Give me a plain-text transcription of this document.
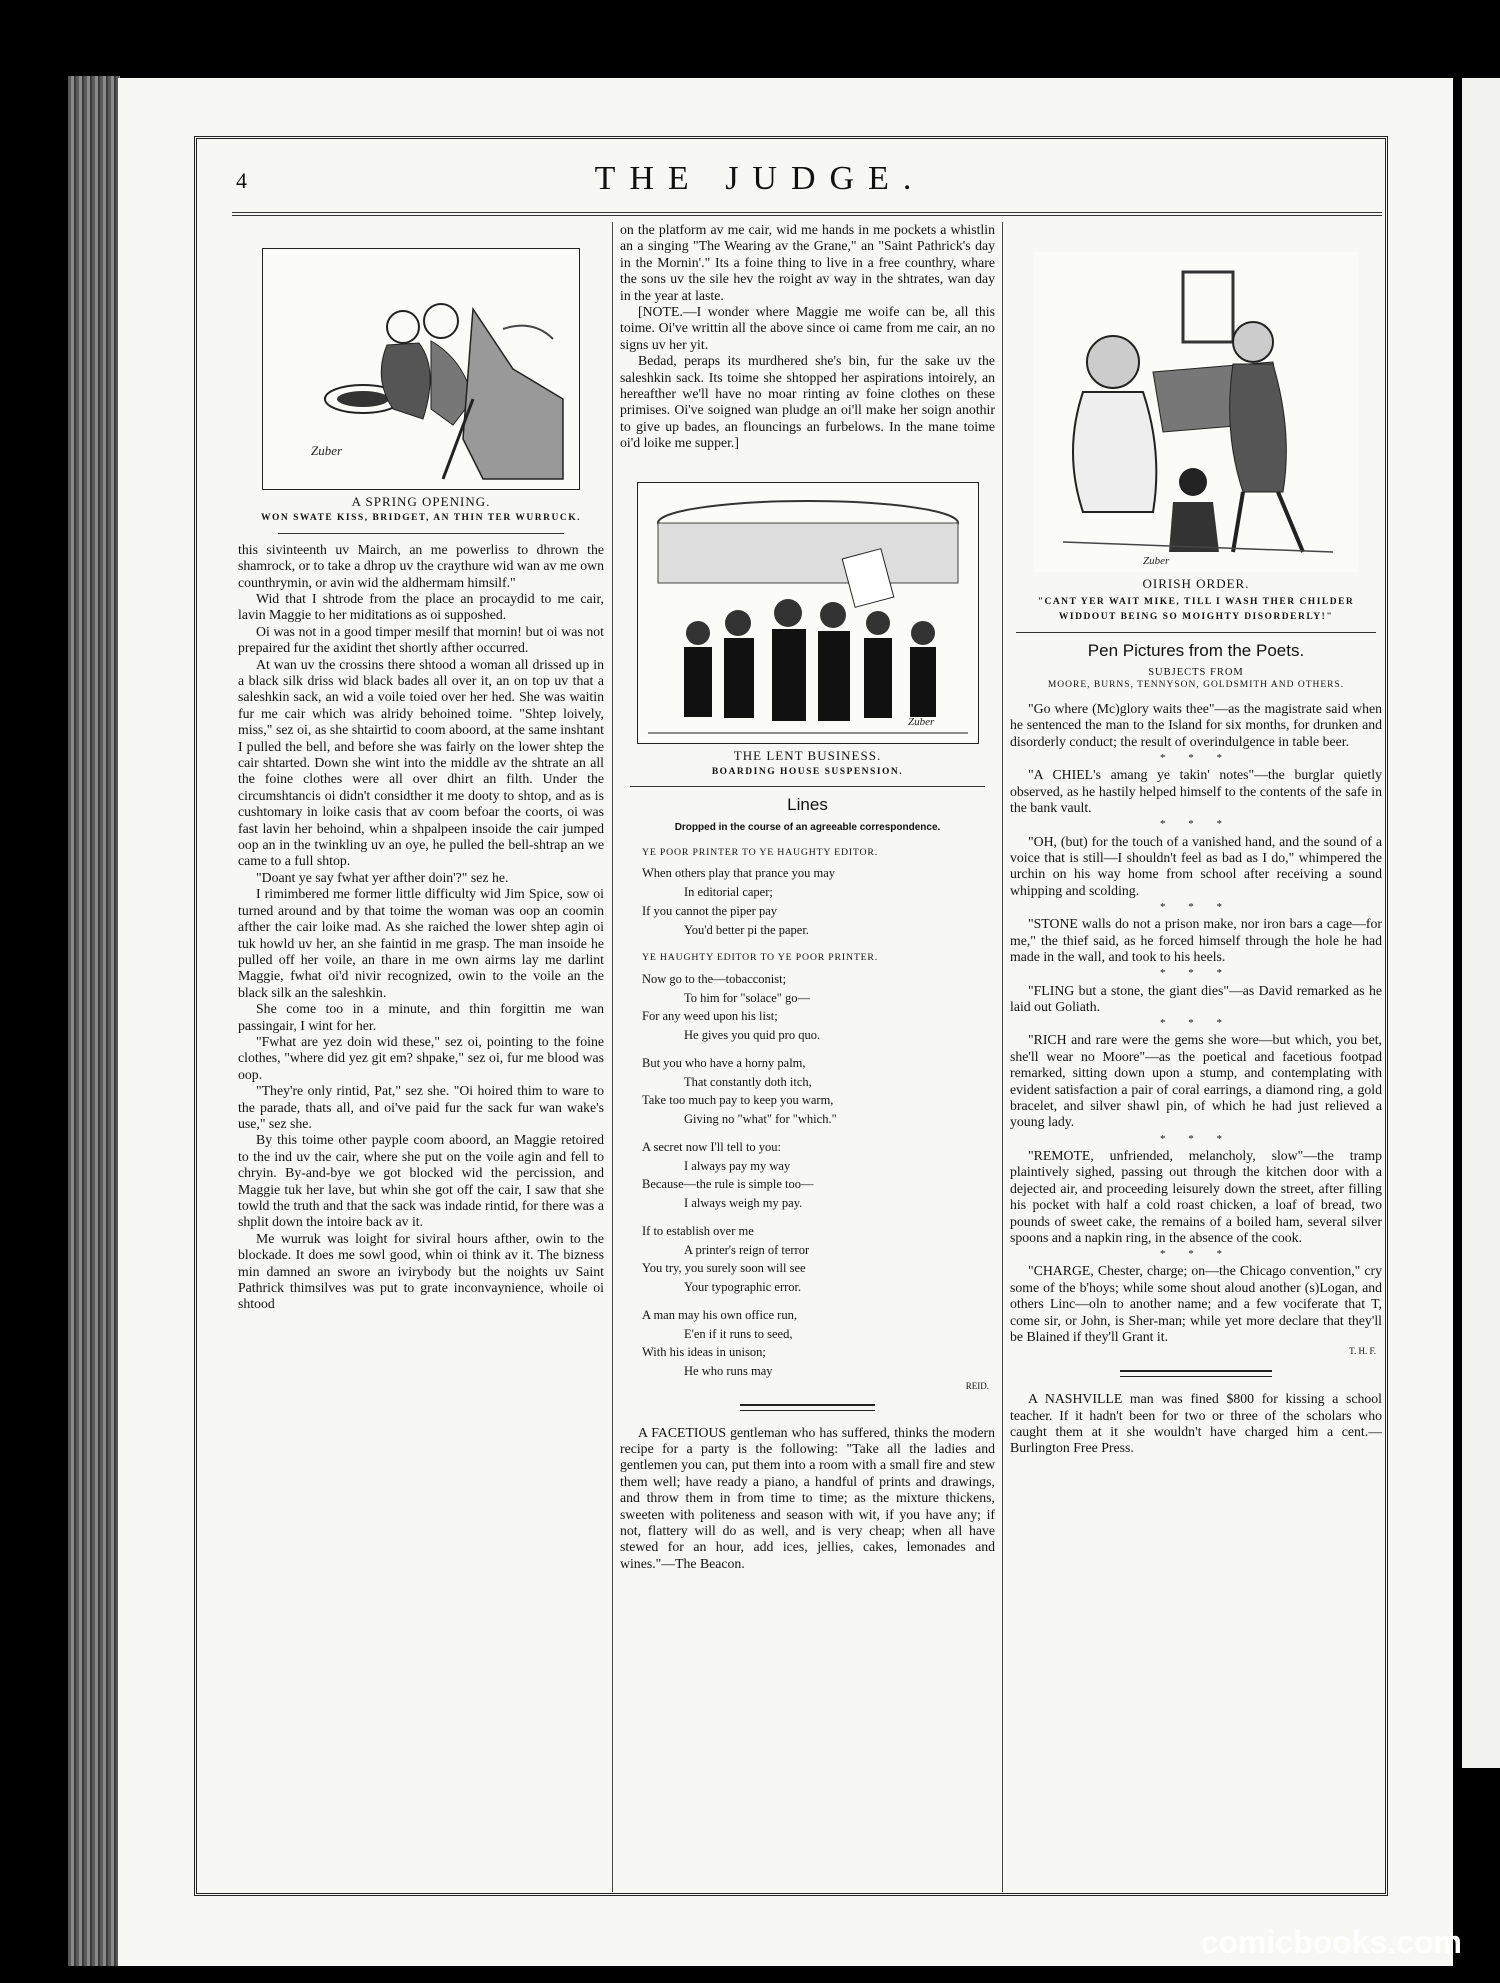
4	THE JUDGE.
Zuber
A SPRING OPENING.
WON SWATE KISS, BRIDGET, AN THIN TER WURRUCK.

this sivinteenth uv Mairch, an me powerliss to dhrown the shamrock, or to take a dhrop uv the craythure wid wan av me own counthrymin, or avin wid the aldhermam himsilf."

Wid that I shtrode from the place an procaydid to me cair, lavin Maggie to her miditations as oi supposhed.

Oi was not in a good timper mesilf that mornin! but oi was not prepaired fur the axidint thet shortly afther occurred.

At wan uv the crossins there shtood a woman all drissed up in a black silk driss wid black bades all over it, an on top uv that a saleshkin sack, an wid a voile toied over her hed. She was waitin fur me cair which was alridy behoined toime. "Shtep loively, miss," sez oi, as she shtairtid to coom aboord, at the same inshtant I pulled the bell, and before she was fairly on the lower shtep the cair shtarted. Down she wint into the middle av the shtrate an all the foine clothes were all over dhirt an filth. Under the circumshtancis oi didn't considther it me dooty to shtop, and as is cushtomary in loike casis that av coom befoar the coorts, oi was fast lavin her behoind, whin a shpalpeen insoide the cair jumped oop an in the twinkling uv an oye, he pulled the bell-shtrap an we came to a full shtop.

"Doant ye say fwhat yer afther doin'?" sez he.

I rimimbered me former little difficulty wid Jim Spice, sow oi turned around and by that toime the woman was oop an coomin afther the cair loike mad. As she raiched the lower shtep agin oi tuk howld uv her, an she faintid in me grasp. The man insoide he pulled off her voile, an thare in me own airms lay me darlint Maggie, fwhat oi'd nivir recognized, owin to the voile an the black silk an the saleshkin.

She come too in a minute, and thin forgittin me wan passingair, I wint for her.

"Fwhat are yez doin wid these," sez oi, pointing to the foine clothes, "where did yez git em? shpake," sez oi, fur me blood was oop.

"They're only rintid, Pat," sez she. "Oi hoired thim to ware to the parade, thats all, and oi've paid fur the sack fur wan wake's use," sez she.

By this toime other payple coom aboord, an Maggie retoired to the ind uv the cair, where she put on the voile agin and fell to chryin. By-and-bye we got blocked wid the percission, and Maggie tuk her lave, but whin she got off the cair, I saw that she towld the truth and that the sack was indade rintid, for there was a shplit down the intoire back av it.

Me wurruk was loight for siviral hours afther, owin to the blockade. It does me sowl good, whin oi think av it. The bizness min damned an swore an ivirybody but the noights uv Saint Pathrick thimsilves was put to grate inconvaynience, whoile oi shtood

on the platform av me cair, wid me hands in me pockets a whistlin an a singing "The Wearing av the Grane," an "Saint Pathrick's day in the Mornin'." Its a foine thing to live in a free counthry, whare the sons uv the sile hev the roight av way in the shtrates, wan day in the year at laste.

[NOTE.—I wonder where Maggie me woife can be, all this toime. Oi've writtin all the above since oi came from me cair, an no signs uv her yit.

Bedad, peraps its murdhered she's bin, fur the sake uv the saleshkin sack. Its toime she shtopped her aspirations intoirely, an hereafther we'll have no moar rinting av foine clothes on these primises. Oi've soigned wan pludge an oi'll make her soign anothir to give up bades, an flouncings an furbelows. In the mane toime oi'd loike me supper.]

Zuber
THE LENT BUSINESS.
BOARDING HOUSE SUSPENSION.
Lines
Dropped in the course of an agreeable correspondence.
YE POOR PRINTER TO YE HAUGHTY EDITOR.
When others play that prance you may
In editorial caper;
If you cannot the piper pay
You'd better pi the paper.
YE HAUGHTY EDITOR TO YE POOR PRINTER.
Now go to the—tobacconist;
To him for "solace" go—
For any weed upon his list;
He gives you quid pro quo.
But you who have a horny palm,
That constantly doth itch,
Take too much pay to keep you warm,
Giving no "what" for "which."
A secret now I'll tell to you:
I always pay my way
Because—the rule is simple too—
I always weigh my pay.
If to establish over me
A printer's reign of terror
You try, you surely soon will see
Your typographic error.
A man may his own office run,
E'en if it runs to seed,
With his ideas in unison;
He who runs may
REID.

A FACETIOUS gentleman who has suffered, thinks the modern recipe for a party is the following: "Take all the ladies and gentlemen you can, put them into a room with a small fire and stew them well; have ready a piano, a handful of prints and drawings, and throw them in from time to time; as the mixture thickens, sweeten with politeness and season with wit, if you have any; if not, flattery will do as well, and is very cheap; when all have stewed for an hour, add ices, jellies, cakes, lemonades and wines."—The Beacon.

Zuber
OIRISH ORDER.
"CANT YER WAIT MIKE, TILL I WASH THER CHILDER WIDDOUT BEING SO MOIGHTY DISORDERLY!"
Pen Pictures from the Poets.
SUBJECTS FROM
MOORE, BURNS, TENNYSON, GOLDSMITH AND OTHERS.

"Go where (Mc)glory waits thee"—as the magistrate said when he sentenced the man to the Island for six months, for drunken and disorderly conduct; the result of overindulgence in table beer.

* * *

"A CHIEL's amang ye takin' notes"—the burglar quietly observed, as he hastily helped himself to the contents of the safe in the bank vault.

* * *

"OH, (but) for the touch of a vanished hand, and the sound of a voice that is still—I shouldn't feel as bad as I do," whimpered the urchin on his way home from school after receiving a sound whipping and scolding.

* * *

"STONE walls do not a prison make, nor iron bars a cage—for me," the thief said, as he forced himself through the hole he had made in the wall, and took to his heels.

* * *

"FLING but a stone, the giant dies"—as David remarked as he laid out Goliath.

* * *

"RICH and rare were the gems she wore—but which, you bet, she'll wear no Moore"—as the poetical and facetious footpad remarked, sitting down upon a stump, and contemplating with evident satisfaction a pair of coral earrings, a diamond ring, a gold bracelet, and silver shawl pin, of which he had just relieved a young lady.

* * *

"REMOTE, unfriended, melancholy, slow"—the tramp plaintively sighed, passing out through the kitchen door with a dejected air, and proceeding leisurely down the street, after filling his pocket with half a cold roast chicken, a loaf of bread, two pounds of sweet cake, the remains of a boiled ham, several silver spoons and a napkin ring, in the absence of the cook.

* * *

"CHARGE, Chester, charge; on—the Chicago convention," cry some of the b'hoys; while some shout aloud another (s)Logan, and others Linc—oln to another name; and a few vociferate that T, come sir, or John, is Sher-man; while yet more declare that they'll be Blained if they'll Grant it.

T. H. F.

A NASHVILLE man was fined $800 for kissing a school teacher. If it hadn't been for two or three of the scholars who caught them at it she wouldn't have charged him a cent.—Burlington Free Press.

comicbooks.com
